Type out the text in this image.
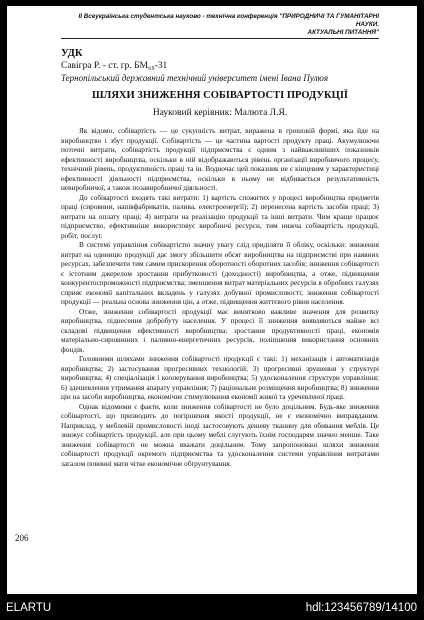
II Всеукраїнська студентська науково - технічна конференція "ПРИРОДНИЧІ ТА ГУМАНІТАРНІ НАУКИ.
АКТУАЛЬНІ ПИТАННЯ"
УДК
Савігра Р. - ст. гр. БМ₆₉-31
Тернопільський державний технічний університет імені Івана Пулюя
ШЛЯХИ ЗНИЖЕННЯ СОБІВАРТОСТІ ПРОДУКЦІЇ
Науковий керівник: Малюта Л.Я.

Як відомо, собівартість — це сукупність витрат, виражена в грошовій формі, яка йде на виробництво і збут продукції. Собівартість — це частина вартості продукту праці. Акумулюючи поточні витрати, собівартість продукції підприємства є одним з найважливіших показників ефективності виробництва, оскільки в ній відображаються рівень організації виробничого процесу, технічний рівень, продуктивність праці та ін. Водночас цей показник не є кінцевим у характеристиці ефективності діяльності підприємства, оскільки в ньому не відбивається результативність невиробничої, а також позавиробничої діяльності.

До собівартості входять такі витрати: 1) вартість спожитих у процесі виробництва предметів праці (сировини, напівфабрикатів, палива, електроенергії); 2) перенесена вартість засобів праці; 3) витрати на оплату праці; 4) витрати на реалізацію продукції та інші витрати. Чим краще працює підприємство, ефективніше використовує виробничі ресурси, тим нижча собівартість продукції, робіт, послуг.

В системі управління собівартістю значну увагу слід приділяти її обліку, оскільки: зниження витрат на одиницю продукції дає змогу збільшити обсяг виробництва на підприємстві при наявних ресурсах, забезпечити тим самим прискорення оборотності оборотних засобів; зниження собівартості є істотним джерелом зростання прибутковості (доходності) виробництва, а отже, підвищення конкурентоспроможності підприємства; зменшення витрат матеріальних ресурсів в обробних галузях сприяє економії капітальних вкладень у галузях добувної промисловості; зниження собівартості продукції — реальна основа зниження цін, а отже, підвищення життєвого рівня населення.

Отже, зниження собівартості продукції має винятково важливе значення для розвитку виробництва, піднесення добробуту населення. У процесі її зниження виявляються майже всі складові підвищення ефективності виробництва: зростання продуктивності праці, економія матеріально-сировинних і паливно-енергетичних ресурсів, поліпшення використання основних фондів.

Головними шляхами зниження собівартості продукції є такі: 1) механізація і автоматизація виробництва; 2) застосування прогресивних технологій; 3) прогресивні зрушення у структурі виробництва; 4) спеціалізація і кооперування виробництва; 5) удосконалення структури управління; 6) здешевлення утримання апарату управління; 7) раціональне розміщення виробництва; 8) зниження цін на засоби виробництва, економічне стимулювання економії живої та уречевленої праці.

Однак відомими є факти, коли зниження собівартості не було доцільним. Будь-яке зниження собівартості, що призводить до погіршення якості продукції, не є економічно виправданим. Наприклад, у меблевій промисловості іноді застосовують дешеву тканину для обивання меблів. Це знижує собівартість продукції, але при цьому меблі слугують їхнім господарям значно менше. Таке зниження собівартості не можна вважати доцільним. Тому запропоновані шляхи зниження собівартості продукції окремого підприємства та удосконалення системи управління витратами загалом повинні мати чітке економічне обґрунтування.

206
ELARTU	hdl:123456789/14100
